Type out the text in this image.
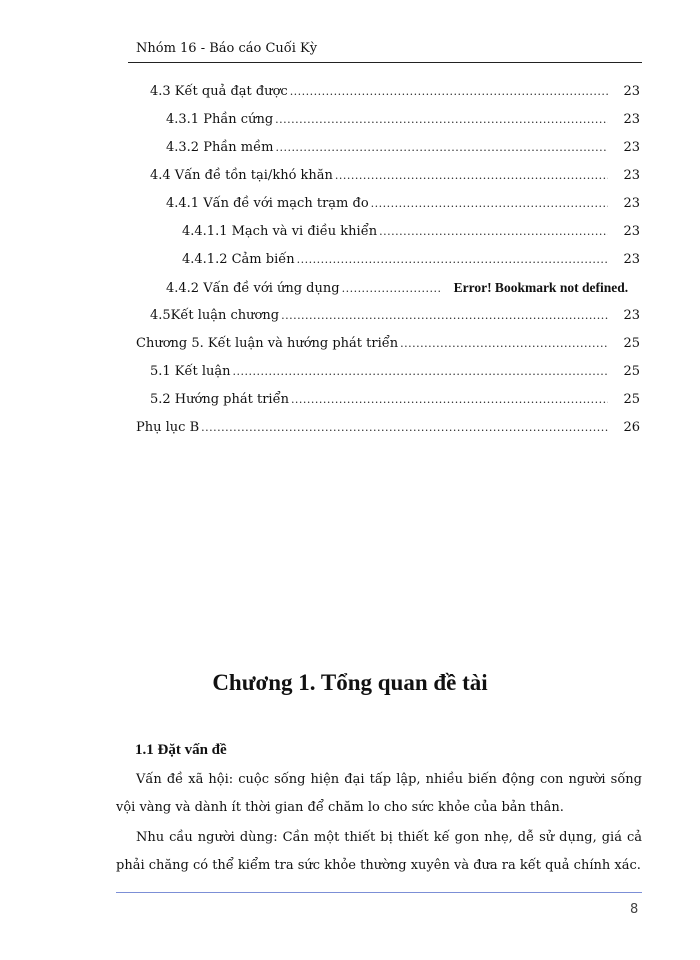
Nhóm 16 - Báo cáo Cuối Kỳ
4.3 Kết quả đạt được .....	23
4.3.1 Phần cứng .....	23
4.3.2 Phần mềm .....	23
4.4 Vấn đề tồn tại/khó khăn .....	23
4.4.1 Vấn đề với mạch trạm đo .....	23
4.4.1.1 Mạch và vi điều khiển .....	23
4.4.1.2 Cảm biến .....	23
4.4.2 Vấn đề với ứng dụng .....	Error! Bookmark not defined.
4.5Kết luận chương .....	23
Chương 5. Kết luận và hướng phát triển .....	25
5.1 Kết luận .....	25
5.2 Hướng phát triển .....	25
Phụ lục B .....	26
Chương 1. Tổng quan đề tài
1.1 Đặt vấn đề

Vấn đề xã hội: cuộc sống hiện đại tấp lập, nhiều biến động con người sống vội vàng và dành ít thời gian để chăm lo cho sức khỏe của bản thân.

Nhu cầu người dùng: Cần một thiết bị thiết kế gon nhẹ, dễ sử dụng, giá cả phải chăng có thể kiểm tra sức khỏe thường xuyên và đưa ra kết quả chính xác.

8
